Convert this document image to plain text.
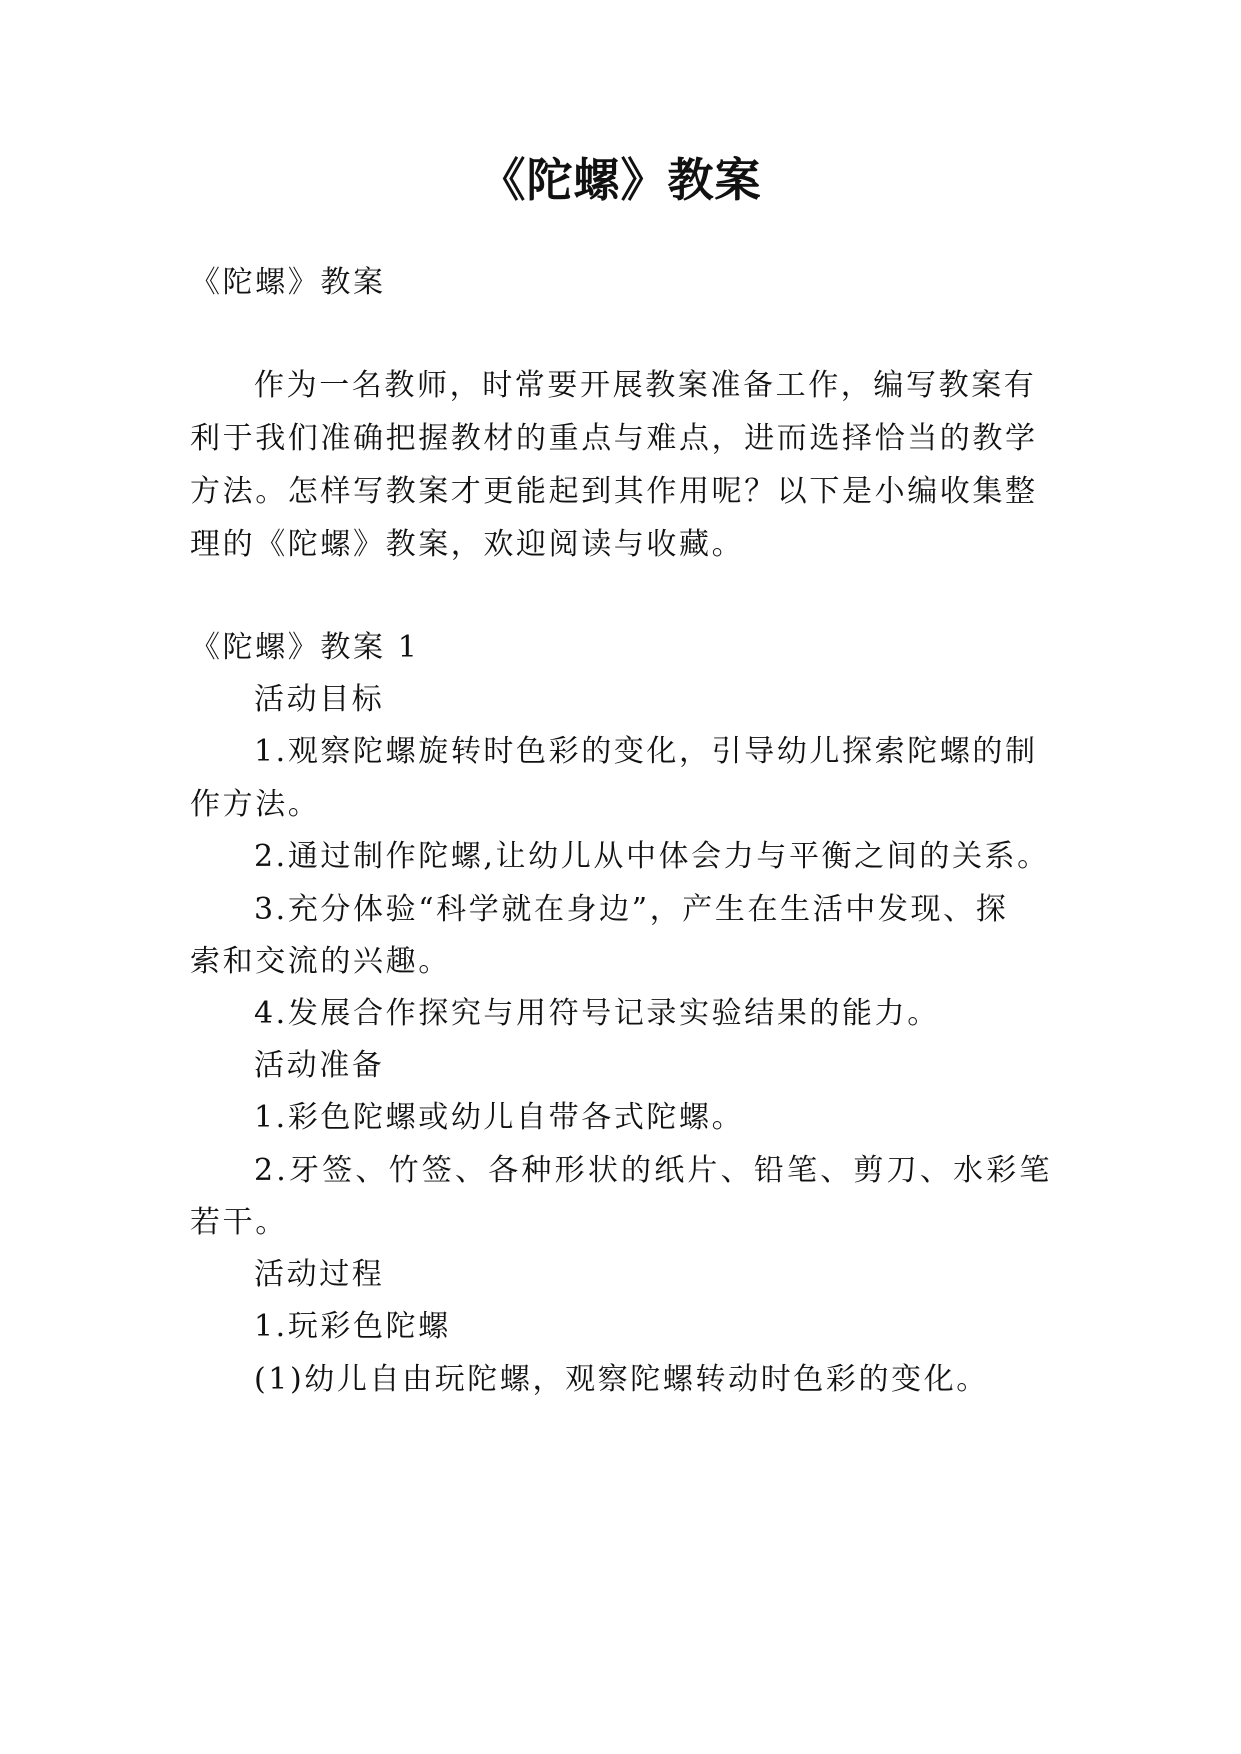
《陀螺》教案
《陀螺》教案
作为一名教师，时常要开展教案准备工作，编写教案有
利于我们准确把握教材的重点与难点，进而选择恰当的教学
方法。怎样写教案才更能起到其作用呢？以下是小编收集整
理的《陀螺》教案，欢迎阅读与收藏。
《陀螺》教案 1
活动目标
1.观察陀螺旋转时色彩的变化，引导幼儿探索陀螺的制
作方法。
2.通过制作陀螺,让幼儿从中体会力与平衡之间的关系。
3.充分体验“科学就在身边”，产生在生活中发现、探
索和交流的兴趣。
4.发展合作探究与用符号记录实验结果的能力。
活动准备
1.彩色陀螺或幼儿自带各式陀螺。
2.牙签、竹签、各种形状的纸片、铅笔、剪刀、水彩笔
若干。
活动过程
1.玩彩色陀螺
(1)幼儿自由玩陀螺，观察陀螺转动时色彩的变化。
